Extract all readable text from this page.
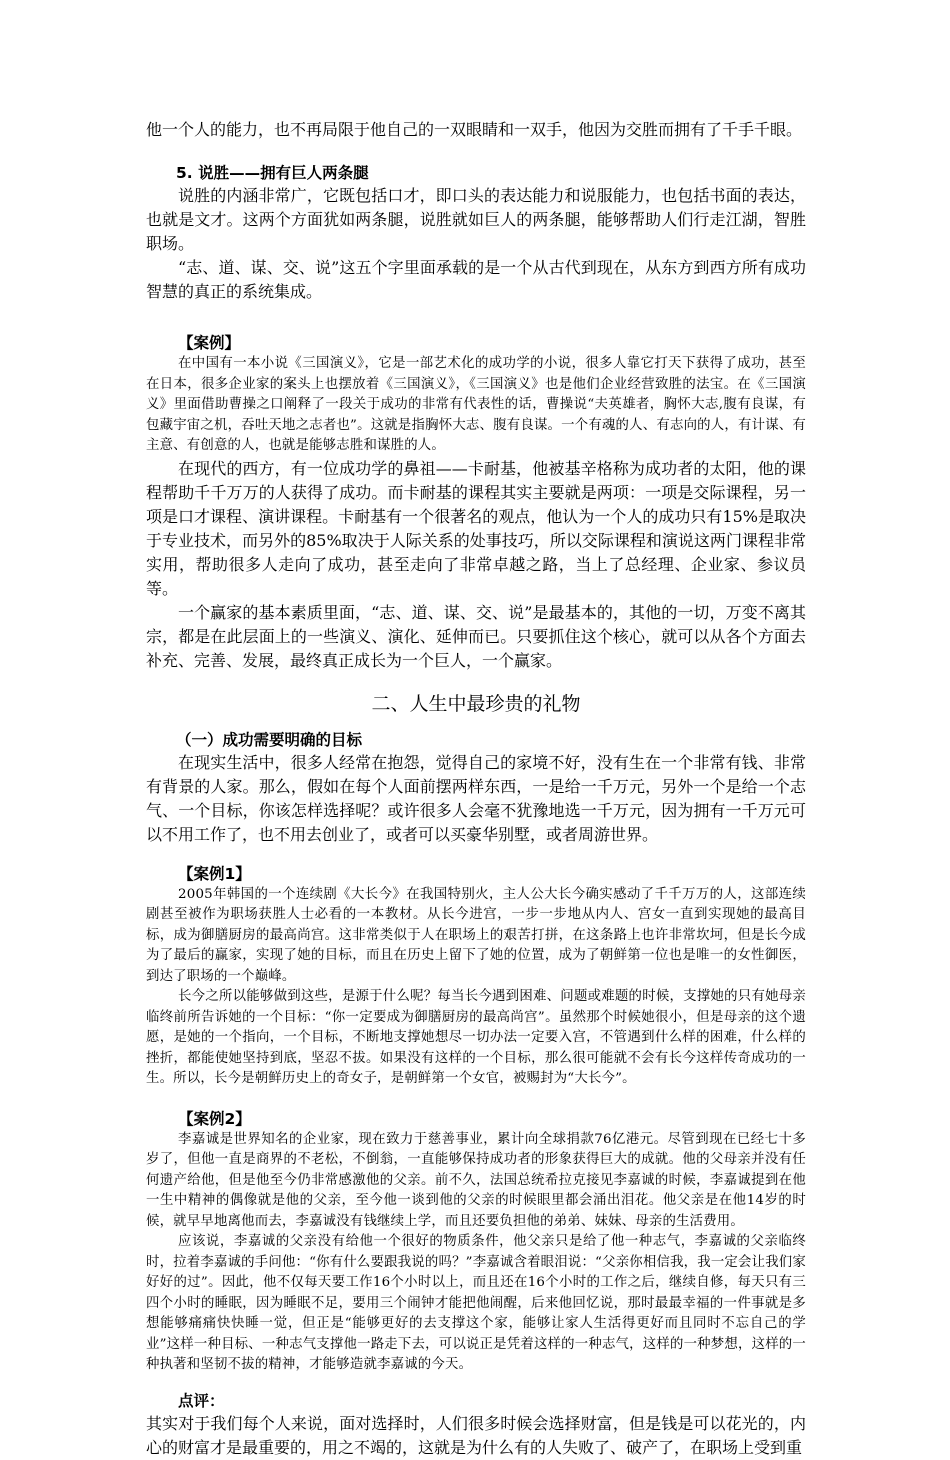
他一个人的能力，也不再局限于他自己的一双眼睛和一双手，他因为交胜而拥有了千手千眼。

5. 说胜——拥有巨人两条腿

说胜的内涵非常广，它既包括口才，即口头的表达能力和说服能力，也包括书面的表达，也就是文才。这两个方面犹如两条腿，说胜就如巨人的两条腿，能够帮助人们行走江湖，智胜职场。

“志、道、谋、交、说”这五个字里面承载的是一个从古代到现在，从东方到西方所有成功智慧的真正的系统集成。

【案例】

在中国有一本小说《三国演义》，它是一部艺术化的成功学的小说，很多人靠它打天下获得了成功，甚至在日本，很多企业家的案头上也摆放着《三国演义》，《三国演义》也是他们企业经营致胜的法宝。在《三国演义》里面借助曹操之口阐释了一段关于成功的非常有代表性的话，曹操说“夫英雄者，胸怀大志,腹有良谋，有包藏宇宙之机，吞吐天地之志者也”。这就是指胸怀大志、腹有良谋。一个有魂的人、有志向的人，有计谋、有主意、有创意的人，也就是能够志胜和谋胜的人。

在现代的西方，有一位成功学的鼻祖——卡耐基，他被基辛格称为成功者的太阳，他的课程帮助千千万万的人获得了成功。而卡耐基的课程其实主要就是两项：一项是交际课程，另一项是口才课程、演讲课程。卡耐基有一个很著名的观点，他认为一个人的成功只有15%是取决于专业技术，而另外的85%取决于人际关系的处事技巧，所以交际课程和演说这两门课程非常实用，帮助很多人走向了成功，甚至走向了非常卓越之路，当上了总经理、企业家、参议员等。

一个赢家的基本素质里面，“志、道、谋、交、说”是最基本的，其他的一切，万变不离其宗，都是在此层面上的一些演义、演化、延伸而已。只要抓住这个核心，就可以从各个方面去补充、完善、发展，最终真正成长为一个巨人，一个赢家。

二、人生中最珍贵的礼物

（一）成功需要明确的目标

在现实生活中，很多人经常在抱怨，觉得自己的家境不好，没有生在一个非常有钱、非常有背景的人家。那么，假如在每个人面前摆两样东西，一是给一千万元，另外一个是给一个志气、一个目标，你该怎样选择呢？或许很多人会毫不犹豫地选一千万元，因为拥有一千万元可以不用工作了，也不用去创业了，或者可以买豪华别墅，或者周游世界。

【案例1】

2005年韩国的一个连续剧《大长今》在我国特别火，主人公大长今确实感动了千千万万的人，这部连续剧甚至被作为职场获胜人士必看的一本教材。从长今进宫，一步一步地从内人、宫女一直到实现她的最高目标，成为御膳厨房的最高尚宫。这非常类似于人在职场上的艰苦打拼，在这条路上也许非常坎坷，但是长今成为了最后的赢家，实现了她的目标，而且在历史上留下了她的位置，成为了朝鲜第一位也是唯一的女性御医，到达了职场的一个巅峰。

长今之所以能够做到这些，是源于什么呢？每当长今遇到困难、问题或难题的时候，支撑她的只有她母亲临终前所告诉她的一个目标：“你一定要成为御膳厨房的最高尚宫”。虽然那个时候她很小，但是母亲的这个遗愿，是她的一个指向，一个目标，不断地支撑她想尽一切办法一定要入宫，不管遇到什么样的困难，什么样的挫折，都能使她坚持到底，坚忍不拔。如果没有这样的一个目标，那么很可能就不会有长今这样传奇成功的一生。所以，长今是朝鲜历史上的奇女子，是朝鲜第一个女官，被赐封为“大长今”。

【案例2】

李嘉诚是世界知名的企业家，现在致力于慈善事业，累计向全球捐款76亿港元。尽管到现在已经七十多岁了，但他一直是商界的不老松，不倒翁，一直能够保持成功者的形象获得巨大的成就。他的父母亲并没有任何遗产给他，但是他至今仍非常感激他的父亲。前不久，法国总统希拉克接见李嘉诚的时候，李嘉诚提到在他一生中精神的偶像就是他的父亲，至今他一谈到他的父亲的时候眼里都会涌出泪花。他父亲是在他14岁的时候，就早早地离他而去，李嘉诚没有钱继续上学，而且还要负担他的弟弟、妹妹、母亲的生活费用。

应该说，李嘉诚的父亲没有给他一个很好的物质条件，他父亲只是给了他一种志气，李嘉诚的父亲临终时，拉着李嘉诚的手问他：“你有什么要跟我说的吗？”李嘉诚含着眼泪说：“父亲你相信我，我一定会让我们家好好的过”。因此，他不仅每天要工作16个小时以上，而且还在16个小时的工作之后，继续自修，每天只有三四个小时的睡眠，因为睡眠不足，要用三个闹钟才能把他闹醒，后来他回忆说，那时最最幸福的一件事就是多想能够痛痛快快睡一觉，但正是“能够更好的去支撑这个家，能够让家人生活得更好而且同时不忘自己的学业”这样一种目标、一种志气支撑他一路走下去，可以说正是凭着这样的一种志气，这样的一种梦想，这样的一种执著和坚韧不拔的精神，才能够造就李嘉诚的今天。

点评：

其实对于我们每个人来说，面对选择时，人们很多时候会选择财富，但是钱是可以花光的，内心的财富才是最重要的，用之不竭的，这就是为什么有的人失败了、破产了，在职场上受到重
